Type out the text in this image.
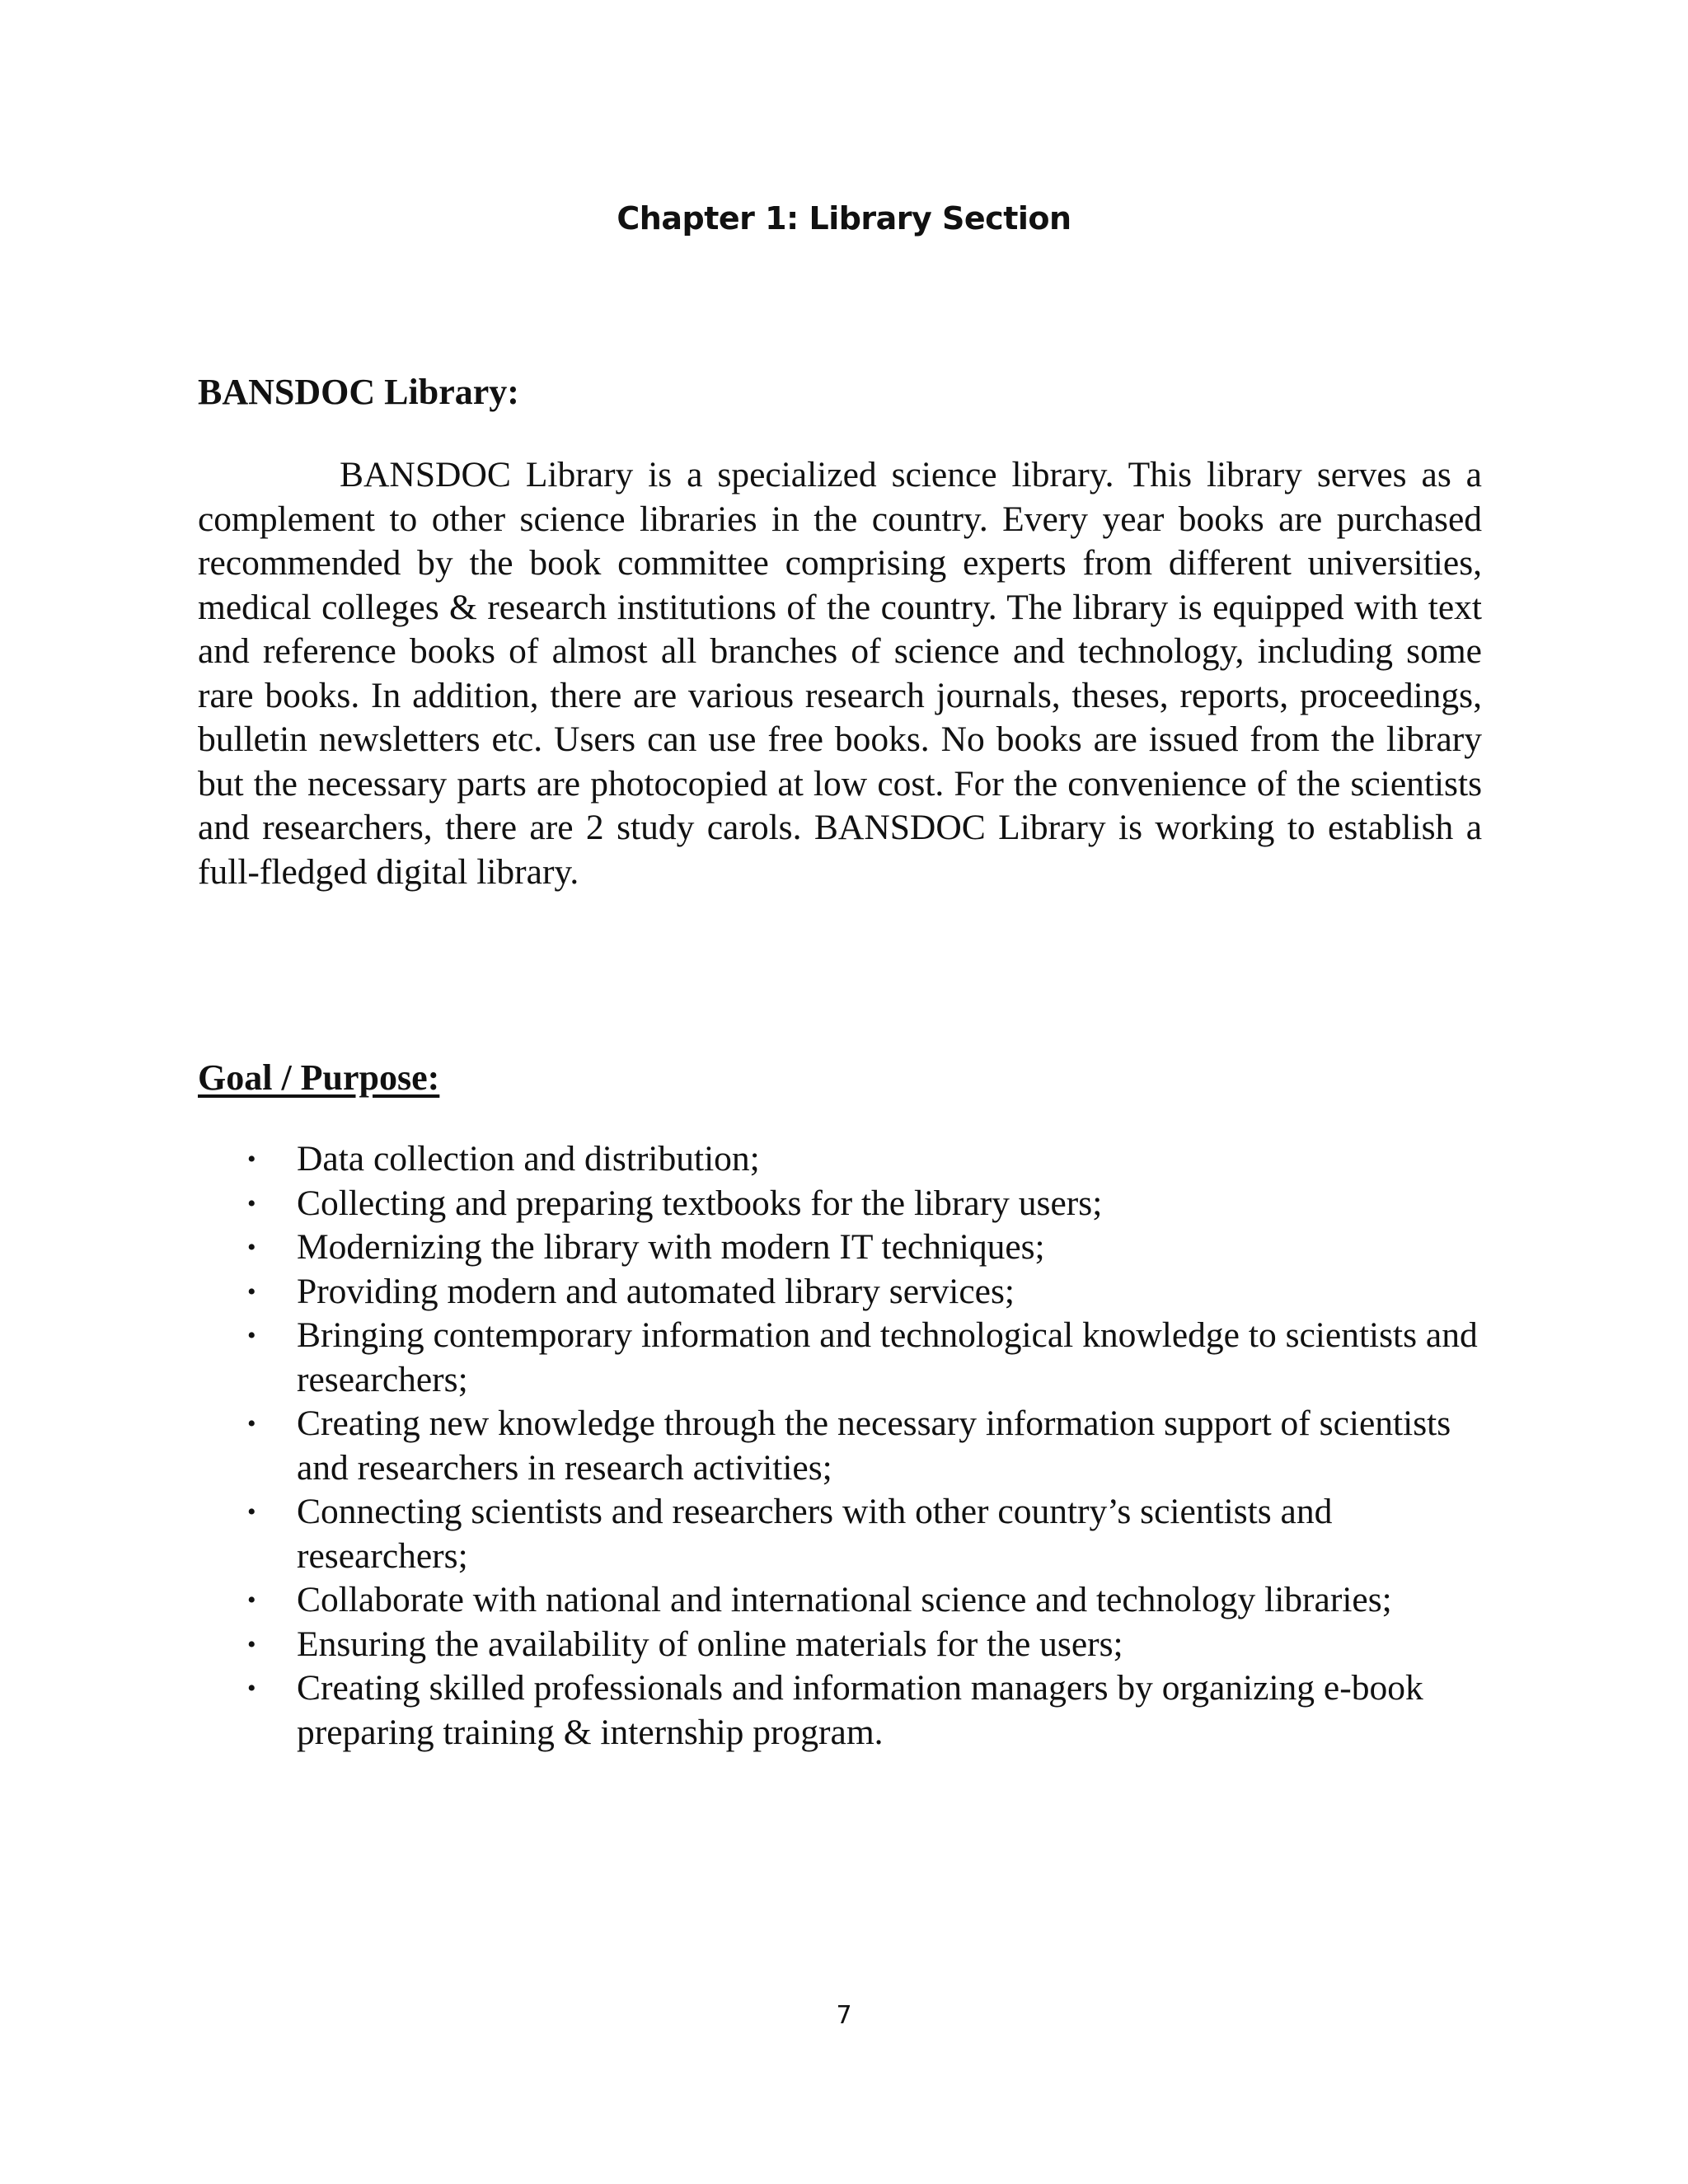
Chapter 1: Library Section
BANSDOC Library:

BANSDOC Library is a specialized science library. This library serves as a complement to other science libraries in the country. Every year books are purchased recommended by the book committee comprising experts from different universities, medical colleges & research institutions of the country. The library is equipped with text and reference books of almost all branches of science and technology, including some rare books. In addition, there are various research journals, theses, reports, proceedings, bulletin newsletters etc. Users can use free books. No books are issued from the library but the necessary parts are photocopied at low cost. For the convenience of the scientists and researchers, there are 2 study carols. BANSDOC Library is working to establish a full-fledged digital library.

Goal / Purpose:
• Data collection and distribution;
• Collecting and preparing textbooks for the library users;
• Modernizing the library with modern IT techniques;
• Providing modern and automated library services;
• Bringing contemporary information and technological knowledge to scientists and researchers;
• Creating new knowledge through the necessary information support of scientists and researchers in research activities;
• Connecting scientists and researchers with other country’s scientists and researchers;
• Collaborate with national and international science and technology libraries;
• Ensuring the availability of online materials for the users;
• Creating skilled professionals and information managers by organizing e-book preparing training & internship program.
7
